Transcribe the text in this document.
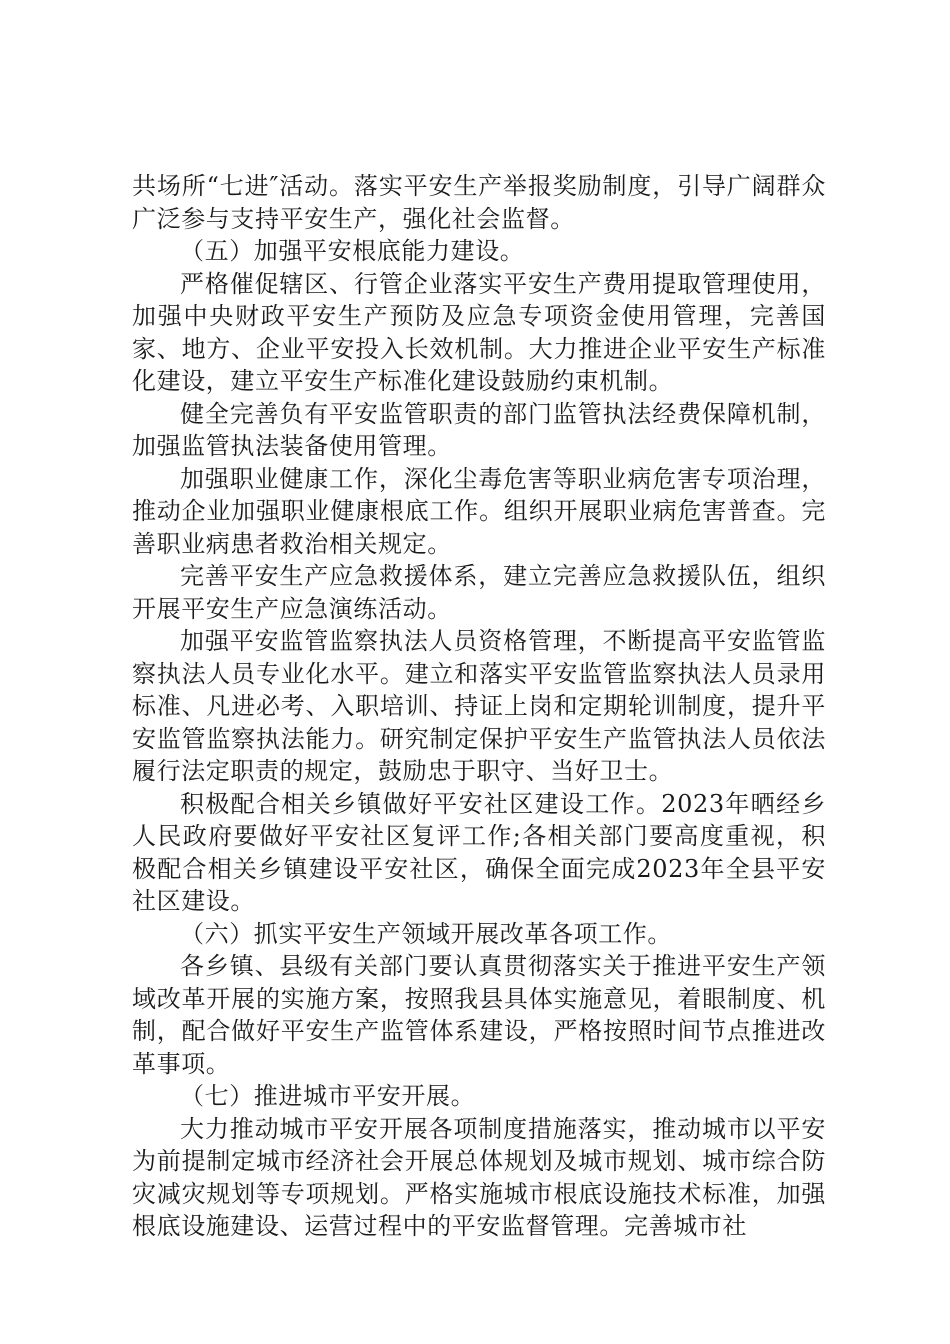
共场所“七进″活动。落实平安生产举报奖励制度，引导广阔群众广泛参与支持平安生产，强化社会监督。

（五）加强平安根底能力建设。

严格催促辖区、行管企业落实平安生产费用提取管理使用，加强中央财政平安生产预防及应急专项资金使用管理，完善国家、地方、企业平安投入长效机制。大力推进企业平安生产标准化建设，建立平安生产标准化建设鼓励约束机制。

健全完善负有平安监管职责的部门监管执法经费保障机制，加强监管执法装备使用管理。

加强职业健康工作，深化尘毒危害等职业病危害专项治理，推动企业加强职业健康根底工作。组织开展职业病危害普查。完善职业病患者救治相关规定。

完善平安生产应急救援体系，建立完善应急救援队伍，组织开展平安生产应急演练活动。

加强平安监管监察执法人员资格管理，不断提高平安监管监察执法人员专业化水平。建立和落实平安监管监察执法人员录用标准、凡进必考、入职培训、持证上岗和定期轮训制度，提升平安监管监察执法能力。研究制定保护平安生产监管执法人员依法履行法定职责的规定，鼓励忠于职守、当好卫士。

积极配合相关乡镇做好平安社区建设工作。2023年晒经乡人民政府要做好平安社区复评工作;各相关部门要高度重视，积极配合相关乡镇建设平安社区，确保全面完成2023年全县平安社区建设。

（六）抓实平安生产领域开展改革各项工作。

各乡镇、县级有关部门要认真贯彻落实关于推进平安生产领域改革开展的实施方案，按照我县具体实施意见，着眼制度、机制，配合做好平安生产监管体系建设，严格按照时间节点推进改革事项。

（七）推进城市平安开展。

大力推动城市平安开展各项制度措施落实，推动城市以平安为前提制定城市经济社会开展总体规划及城市规划、城市综合防灾减灾规划等专项规划。严格实施城市根底设施技术标准，加强根底设施建设、运营过程中的平安监督管理。完善城市社
